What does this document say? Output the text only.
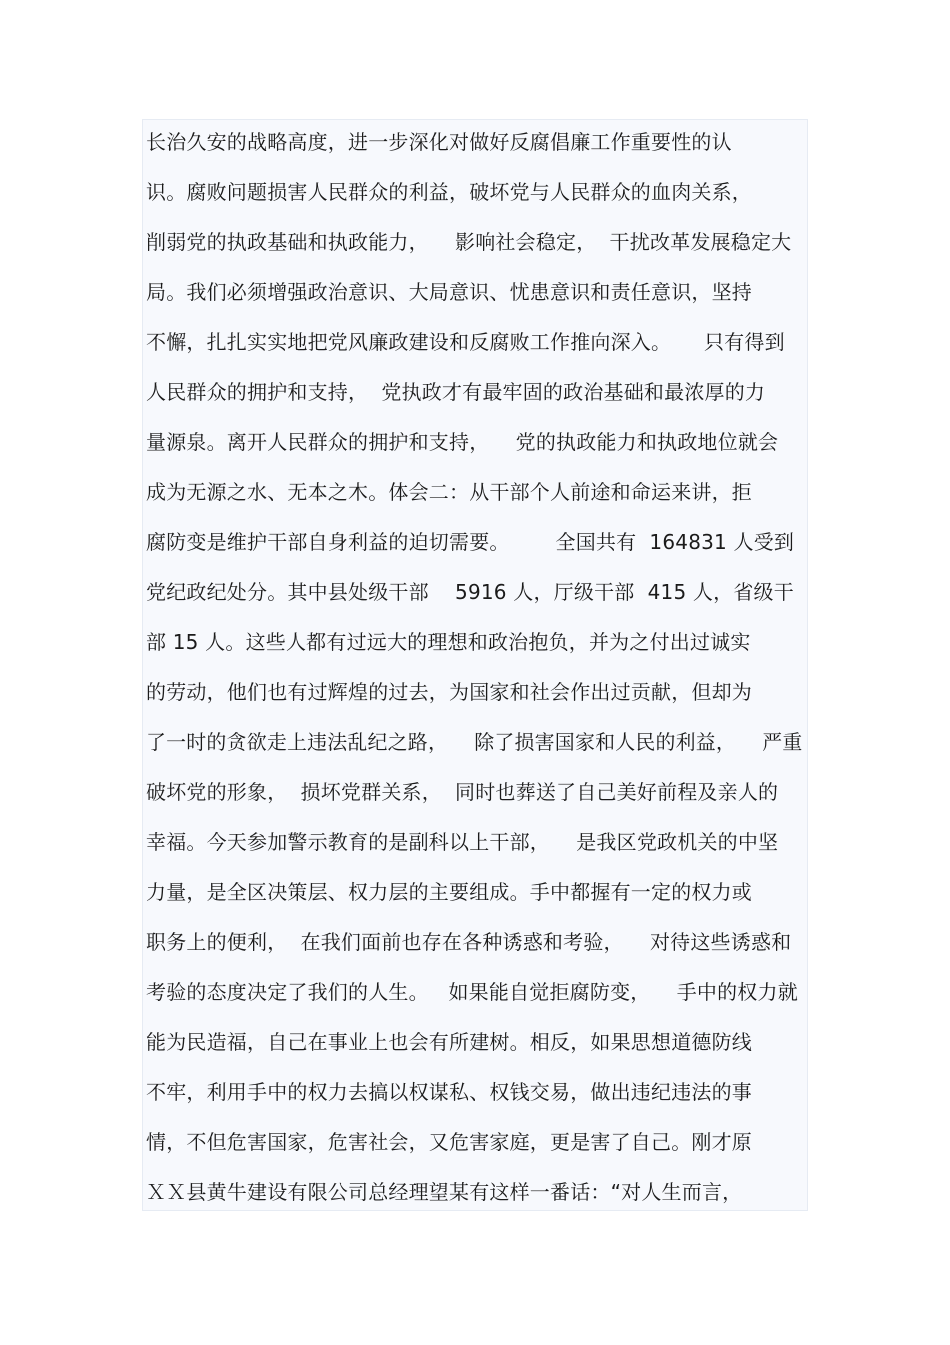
长治久安的战略高度，进一步深化对做好反腐倡廉工作重要性的认
识。腐败问题损害人民群众的利益，破坏党与人民群众的血肉关系，
削弱党的执政基础和执政能力，    影响社会稳定，  干扰改革发展稳定大
局。我们必须增强政治意识、大局意识、忧患意识和责任意识，坚持
不懈，扎扎实实地把党风廉政建设和反腐败工作推向深入。     只有得到
人民群众的拥护和支持，  党执政才有最牢固的政治基础和最浓厚的力
量源泉。离开人民群众的拥护和支持，    党的执政能力和执政地位就会
成为无源之水、无本之木。体会二：从干部个人前途和命运来讲，拒
腐防变是维护干部自身利益的迫切需要。       全国共有  164831 人受到
党纪政纪处分。其中县处级干部    5916 人，厅级干部  415 人，省级干
部 15 人。这些人都有过远大的理想和政治抱负，并为之付出过诚实
的劳动，他们也有过辉煌的过去，为国家和社会作出过贡献，但却为
了一时的贪欲走上违法乱纪之路，    除了损害国家和人民的利益，    严重
破坏党的形象，  损坏党群关系，  同时也葬送了自己美好前程及亲人的
幸福。今天参加警示教育的是副科以上干部，    是我区党政机关的中坚
力量，是全区决策层、权力层的主要组成。手中都握有一定的权力或
职务上的便利，  在我们面前也存在各种诱惑和考验，    对待这些诱惑和
考验的态度决定了我们的人生。   如果能自觉拒腐防变，    手中的权力就
能为民造福，自己在事业上也会有所建树。相反，如果思想道德防线
不牢，利用手中的权力去搞以权谋私、权钱交易，做出违纪违法的事
情，不但危害国家，危害社会，又危害家庭，更是害了自己。刚才原
ＸＸ县黄牛建设有限公司总经理望某有这样一番话：“对人生而言，
